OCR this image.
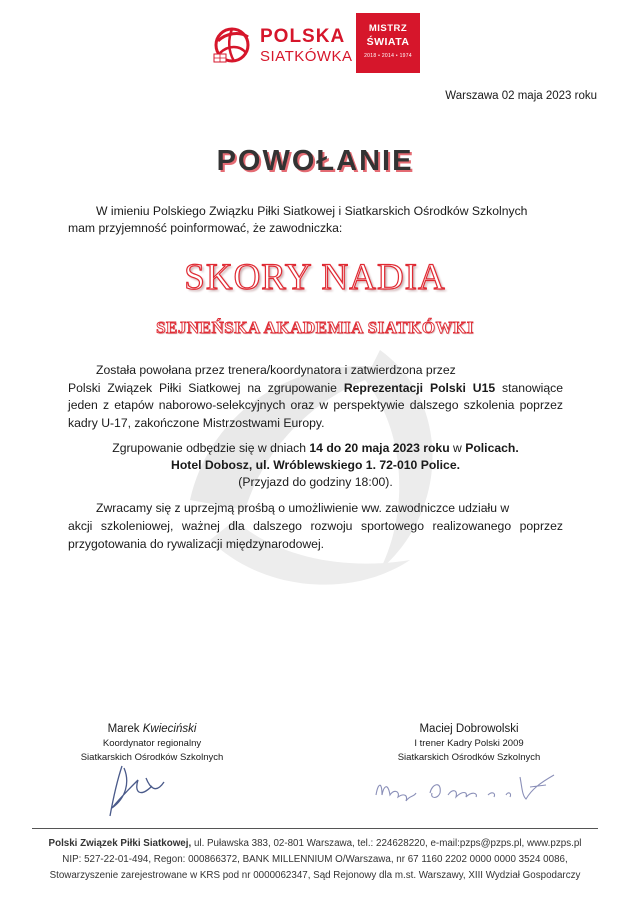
POLSKA
SIATKÓWKA
MISTRZ
ŚWIATA
2018 • 2014 • 1974
Warszawa 02 maja 2023 roku
POWOŁANIE
W imieniu Polskiego Związku Piłki Siatkowej i Siatkarskich Ośrodków Szkolnych
mam przyjemność poinformować, że zawodniczka:
SKORY NADIA
SEJNEŃSKA AKADEMIA SIATKÓWKI
Została powołana przez trenera/koordynatora i zatwierdzona przez
Polski Związek Piłki Siatkowej na zgrupowanie Reprezentacji Polski U15 stanowiące jeden z etapów naborowo-selekcyjnych oraz w perspektywie dalszego szkolenia poprzez kadry U-17, zakończone Mistrzostwami Europy.
Zgrupowanie odbędzie się w dniach 14 do 20 maja 2023 roku w Policach.
Hotel Dobosz, ul. Wróblewskiego 1. 72-010 Police.
(Przyjazd do godziny 18:00).
Zwracamy się z uprzejmą prośbą o umożliwienie ww. zawodniczce udziału w
akcji szkoleniowej, ważnej dla dalszego rozwoju sportowego realizowanego poprzez przygotowania do rywalizacji międzynarodowej.
Marek Kwieciński
Koordynator regionalny
Siatkarskich Ośrodków Szkolnych
Maciej Dobrowolski
I trener Kadry Polski 2009
Siatkarskich Ośrodków Szkolnych
Polski Związek Piłki Siatkowej, ul. Puławska 383, 02-801 Warszawa, tel.: 224628220, e-mail:pzps@pzps.pl, www.pzps.pl
NIP: 527-22-01-494, Regon: 000866372, BANK MILLENNIUM O/Warszawa, nr 67 1160 2202 0000 0000 3524 0086,
Stowarzyszenie zarejestrowane w KRS pod nr 0000062347, Sąd Rejonowy dla m.st. Warszawy, XIII Wydział Gospodarczy
